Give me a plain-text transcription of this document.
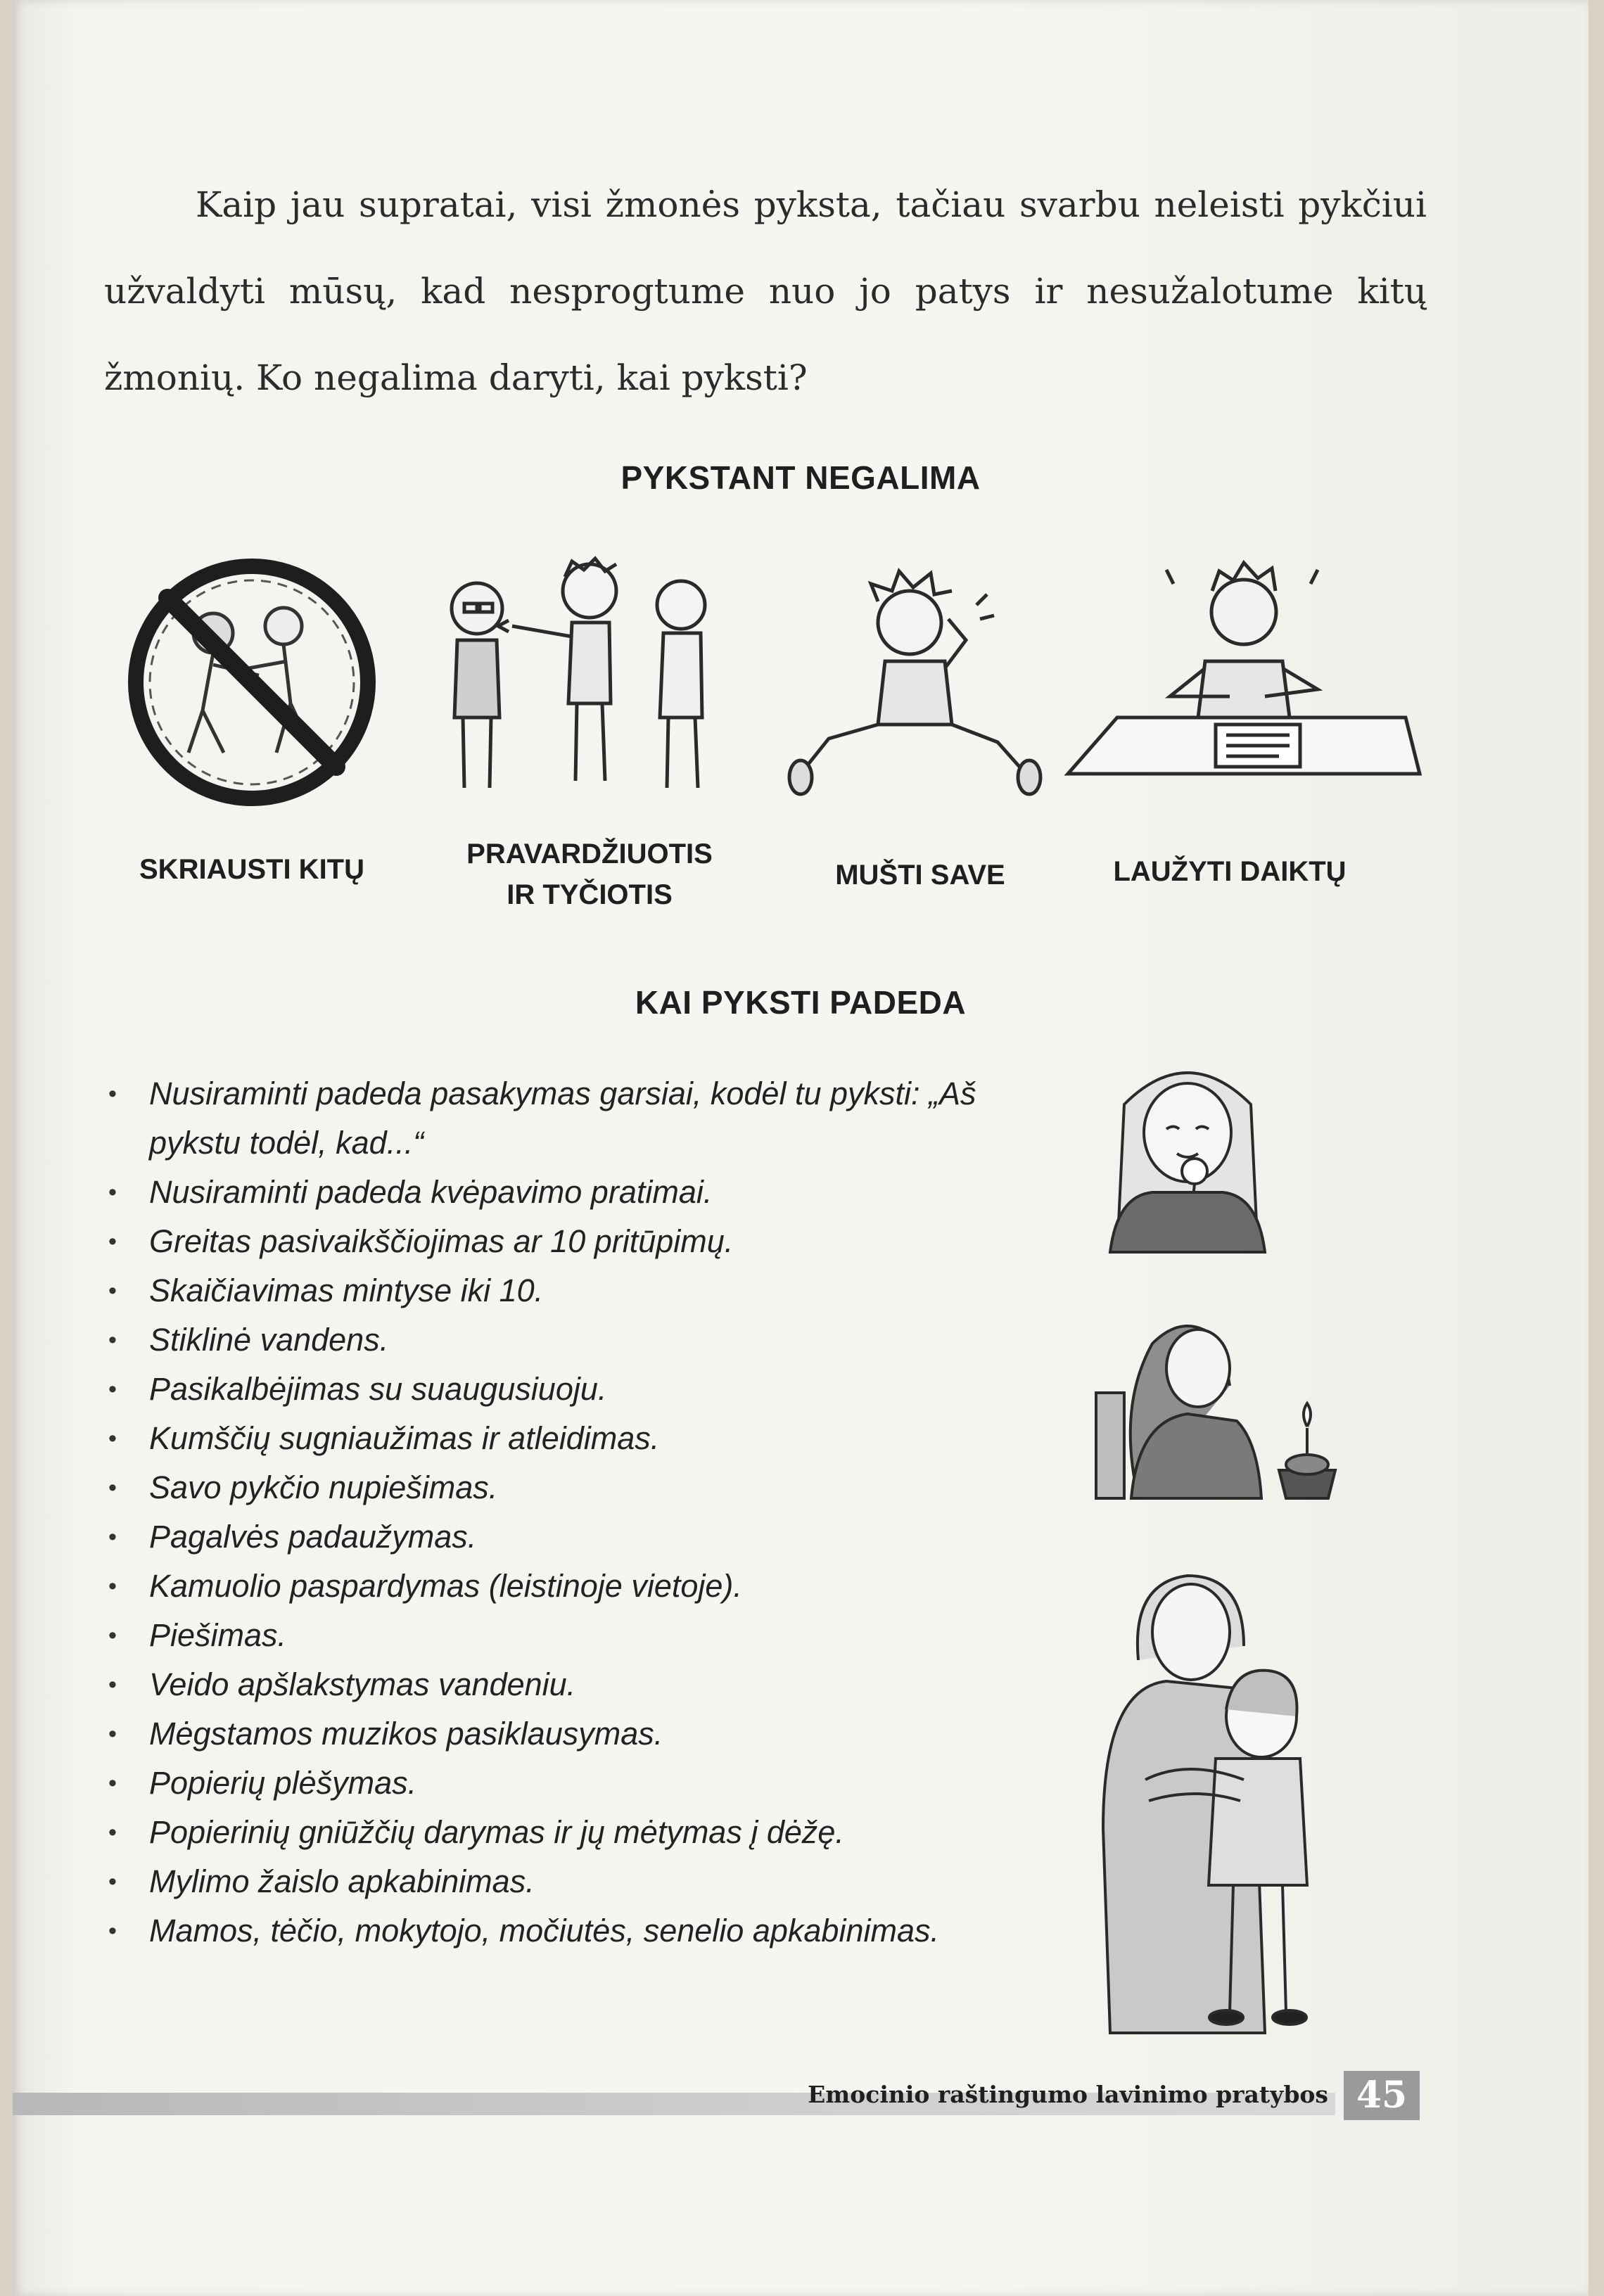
Kaip jau supratai, visi žmonės pyksta, tačiau svarbu neleisti pykčiui užvaldyti mūsų, kad nesprogtume nuo jo patys ir nesužalotume kitų žmonių. Ko negalima daryti, kai pyksti?

PYKSTANT NEGALIMA
SKRIAUSTI KITŲ	PRAVARDŽIUOTIS
IR TYČIOTIS
MUŠTI SAVE	LAUŽYTI DAIKTŲ
KAI PYKSTI PADEDA
• Nusiraminti padeda pasakymas garsiai, kodėl tu pyksti: „Aš pykstu todėl, kad...“
• Nusiraminti padeda kvėpavimo pratimai.
• Greitas pasivaikščiojimas ar 10 pritūpimų.
• Skaičiavimas mintyse iki 10.
• Stiklinė vandens.
• Pasikalbėjimas su suaugusiuoju.
• Kumščių sugniaužimas ir atleidimas.
• Savo pykčio nupiešimas.
• Pagalvės padaužymas.
• Kamuolio paspardymas (leistinoje vietoje).
• Piešimas.
• Veido apšlakstymas vandeniu.
• Mėgstamos muzikos pasiklausymas.
• Popierių plėšymas.
• Popierinių gniūžčių darymas ir jų mėtymas į dėžę.
• Mylimo žaislo apkabinimas.
• Mamos, tėčio, mokytojo, močiutės, senelio apkabinimas.
Emocinio raštingumo lavinimo pratybos 45
